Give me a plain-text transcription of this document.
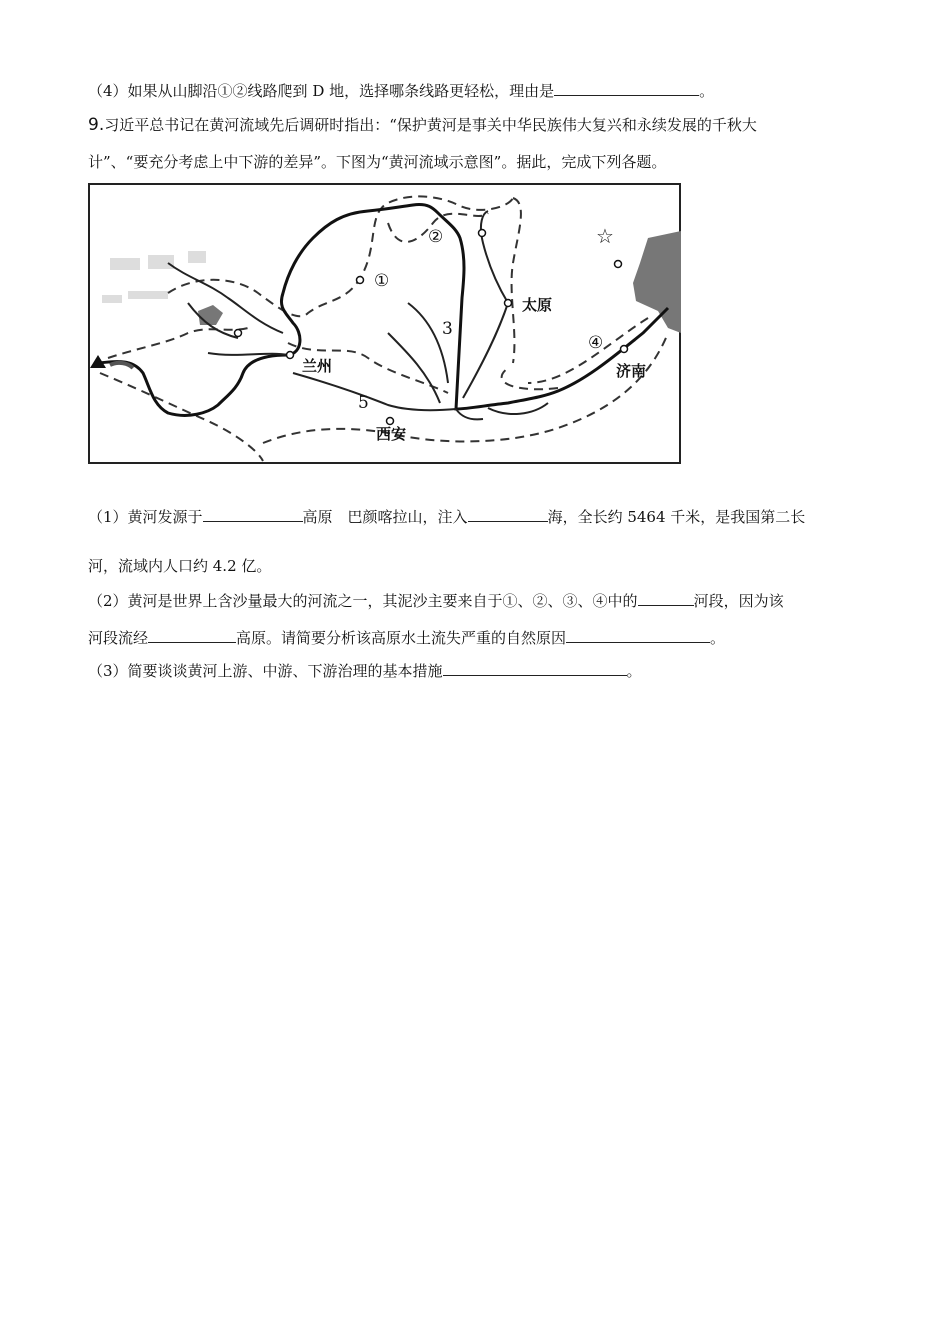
（4）如果从山脚沿①②线路爬到 D 地，选择哪条线路更轻松，理由是	。
9.习近平总书记在黄河流域先后调研时指出：“保护黄河是事关中华民族伟大复兴和永续发展的千秋大
计”、“要充分考虑上中下游的差异”。下图为“黄河流域示意图”。据此，完成下列各题。
☆
①
②
3
④
5
太原
兰州	济南
西安
（1）黄河发源于	高原　巴颜喀拉山，注入	海，全长约 5464 千米，是我国第二长
河，流域内人口约 4.2 亿。
（2）黄河是世界上含沙量最大的河流之一，其泥沙主要来自于①、②、③、④中的	河段，因为该
河段流经	高原。请简要分析该高原水土流失严重的自然原因	。
（3）简要谈谈黄河上游、中游、下游治理的基本措施	。
